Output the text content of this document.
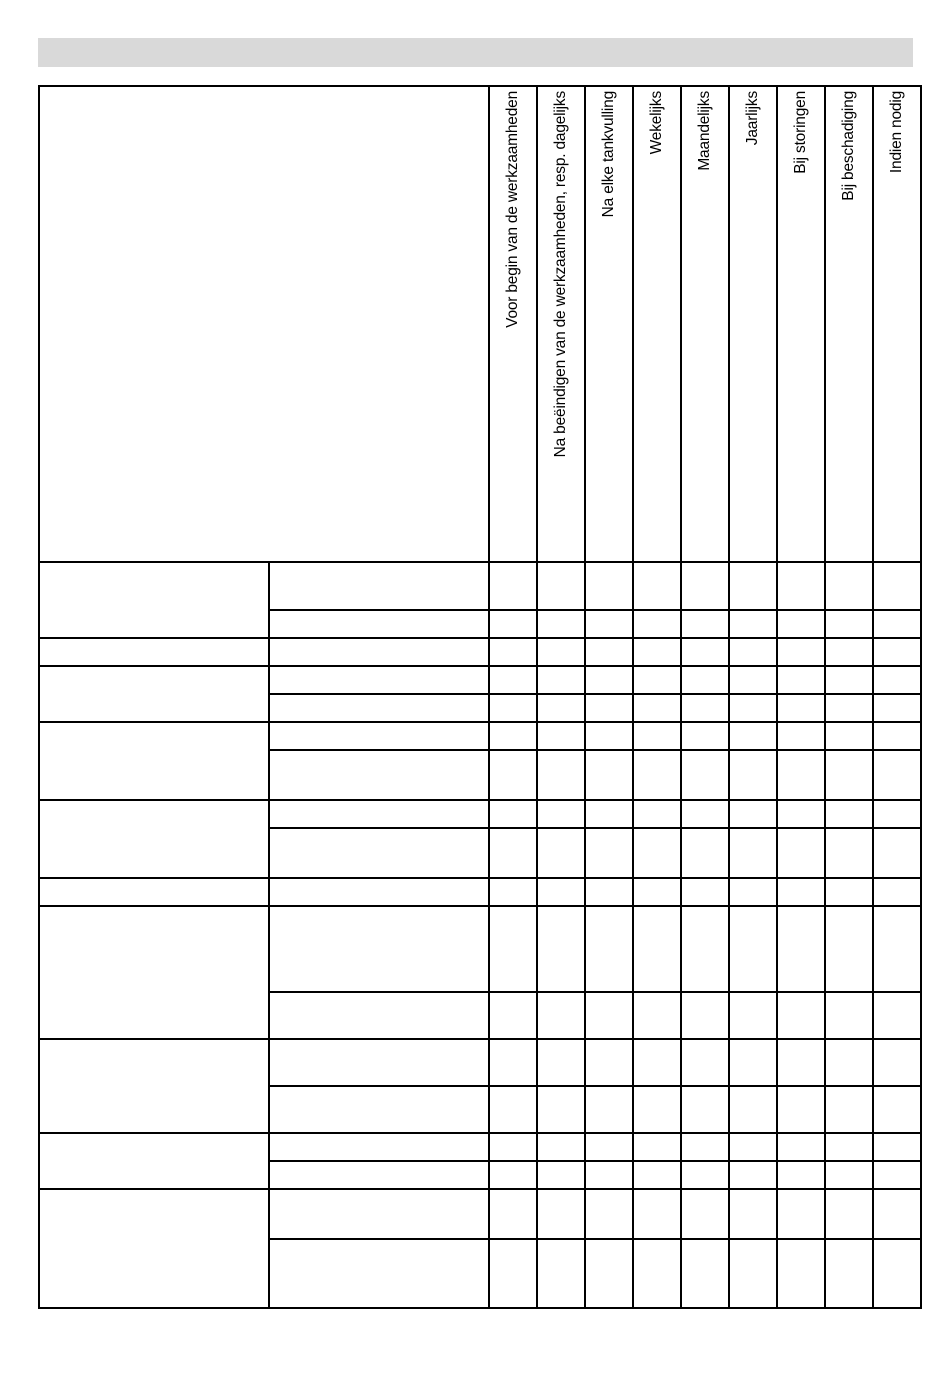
		Voor begin van de werkzaamheden	Na beëindigen van de werkzaamheden, resp. dagelijks	Na elke tankvulling	Wekelijks	Maandelijks	Jaarlijks	Bij storingen	Bij beschadiging	Indien nodig
